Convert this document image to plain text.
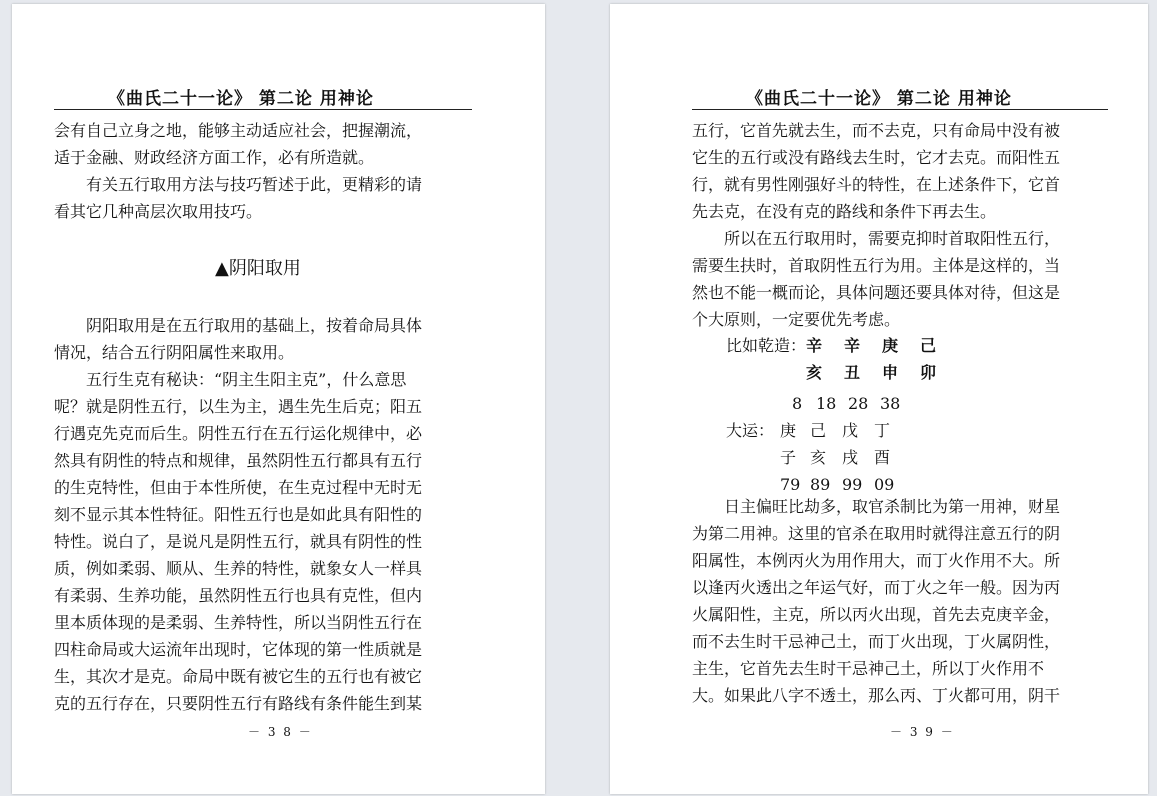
《曲氏二十一论》 第二论 用神论
会有自己立身之地，能够主动适应社会，把握潮流，
适于金融、财政经济方面工作，必有所造就。
　　有关五行取用方法与技巧暂述于此，更精彩的请
看其它几种高层次取用技巧。
▲阴阳取用
　　阴阳取用是在五行取用的基础上，按着命局具体
情况，结合五行阴阳属性来取用。
　　五行生克有秘诀：“阴主生阳主克”，什么意思
呢？就是阴性五行，以生为主，遇生先生后克；阳五
行遇克先克而后生。阴性五行在五行运化规律中，必
然具有阴性的特点和规律，虽然阴性五行都具有五行
的生克特性，但由于本性所使，在生克过程中无时无
刻不显示其本性特征。阳性五行也是如此具有阳性的
特性。说白了，是说凡是阴性五行，就具有阴性的性
质，例如柔弱、顺从、生养的特性，就象女人一样具
有柔弱、生养功能，虽然阴性五行也具有克性，但内
里本质体现的是柔弱、生养特性，所以当阴性五行在
四柱命局或大运流年出现时，它体现的第一性质就是
生，其次才是克。命局中既有被它生的五行也有被它
克的五行存在，只要阴性五行有路线有条件能生到某
－ 3 8 －
《曲氏二十一论》 第二论 用神论
五行，它首先就去生，而不去克，只有命局中没有被
它生的五行或没有路线去生时，它才去克。而阳性五
行，就有男性刚强好斗的特性，在上述条件下，它首
先去克，在没有克的路线和条件下再去生。
　　所以在五行取用时，需要克抑时首取阳性五行，
需要生扶时，首取阴性五行为用。主体是这样的，当
然也不能一概而论，具体问题还要具体对待，但这是
个大原则，一定要优先考虑。
比如乾造： 辛	辛	庚	己
亥	丑	申	卯
8 18 28 38
大运： 庚 己 戊 丁
子 亥 戌 酉
79 89 99 09
　　日主偏旺比劫多，取官杀制比为第一用神，财星
为第二用神。这里的官杀在取用时就得注意五行的阴
阳属性，本例丙火为用作用大，而丁火作用不大。所
以逢丙火透出之年运气好，而丁火之年一般。因为丙
火属阳性，主克，所以丙火出现，首先去克庚辛金，
而不去生时干忌神己土，而丁火出现，丁火属阴性，
主生，它首先去生时干忌神己土，所以丁火作用不
大。如果此八字不透土，那么丙、丁火都可用，阴干
－ 3 9 －
